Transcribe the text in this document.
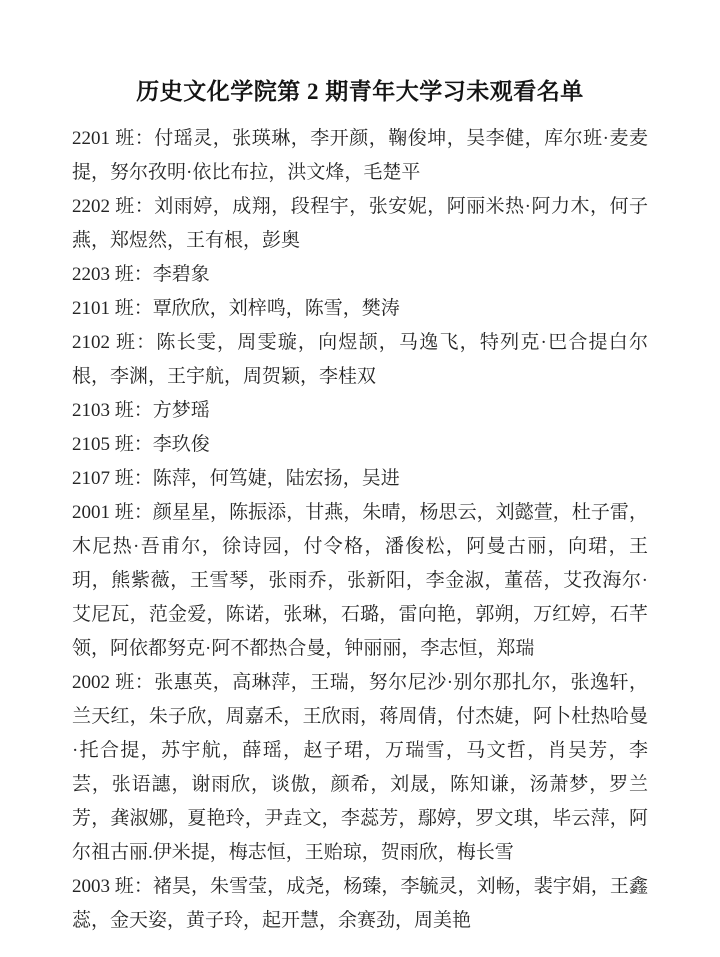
历史文化学院第 2 期青年大学习未观看名单

2201 班：付瑶灵，张瑛琳，李开颜，鞠俊坤，吴李健，库尔班·麦麦提，努尔孜明·依比布拉，洪文烽，毛楚平

2202 班：刘雨婷，成翔，段程宇，张安妮，阿丽米热·阿力木，何子燕，郑煜然，王有根，彭奥

2203 班：李碧象

2101 班：覃欣欣，刘梓鸣，陈雪，樊涛

2102 班：陈长雯，周雯璇，向煜颉，马逸飞，特列克·巴合提白尔根，李渊，王宇航，周贺颖，李桂双

2103 班：方梦瑶

2105 班：李玖俊

2107 班：陈萍，何笃婕，陆宏扬，吴进

2001 班：颜星星，陈振添，甘燕，朱晴，杨思云，刘懿萱，杜子雷，木尼热·吾甫尔，徐诗园，付令格，潘俊松，阿曼古丽，向珺，王玥，熊紫薇，王雪琴，张雨乔，张新阳，李金淑，董蓓，艾孜海尔·艾尼瓦，范金爱，陈诺，张琳，石璐，雷向艳，郭朔，万红婷，石芊领，阿依都努克·阿不都热合曼，钟丽丽，李志恒，郑瑞

2002 班：张惠英，高琳萍，王瑞，努尔尼沙·别尔那扎尔，张逸轩，兰天红，朱子欣，周嘉禾，王欣雨，蒋周倩，付杰婕，阿卜杜热哈曼·托合提，苏宇航，薛瑶，赵子珺，万瑞雪，马文哲，肖吴芳，李芸，张语譓，谢雨欣，谈傲，颜希，刘晟，陈知谦，汤萧梦，罗兰芳，龚淑娜，夏艳玲，尹垚文，李蕊芳，鄢婷，罗文琪，毕云萍，阿尔祖古丽.伊米提，梅志恒，王贻琼，贺雨欣，梅长雪

2003 班：褚昊，朱雪莹，成尧，杨臻，李毓灵，刘畅，裴宇娟，王鑫蕊，金天姿，黄子玲，起开慧，余赛劲，周美艳
